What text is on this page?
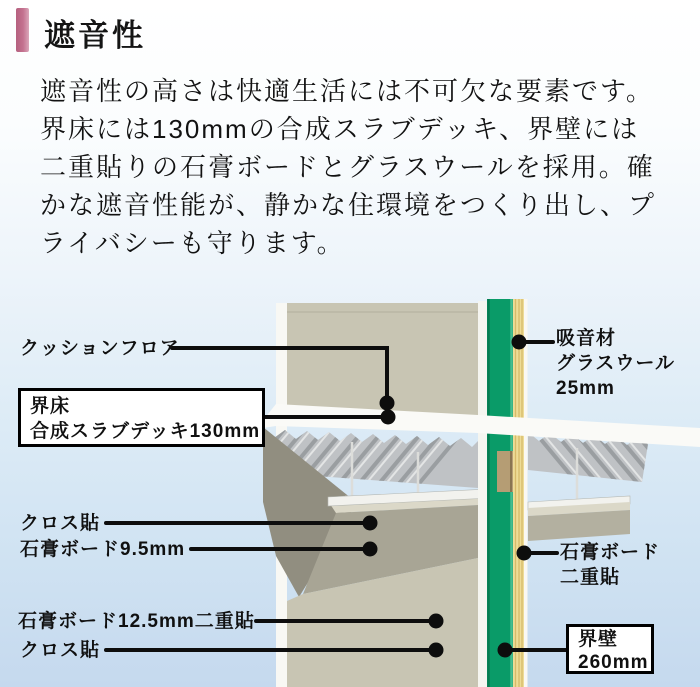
遮音性
遮音性の高さは快適生活には不可欠な要素です。
界床には130mmの合成スラブデッキ、界壁には
二重貼りの石膏ボードとグラスウールを採用。確
かな遮音性能が、静かな住環境をつくり出し、プ
ライバシーも守ります。
クッションフロア
界床
合成スラブデッキ130mm
クロス貼
石膏ボード9.5mm
石膏ボード12.5mm二重貼
クロス貼
吸音材
グラスウール
25mm
石膏ボード
二重貼
界壁
260mm
